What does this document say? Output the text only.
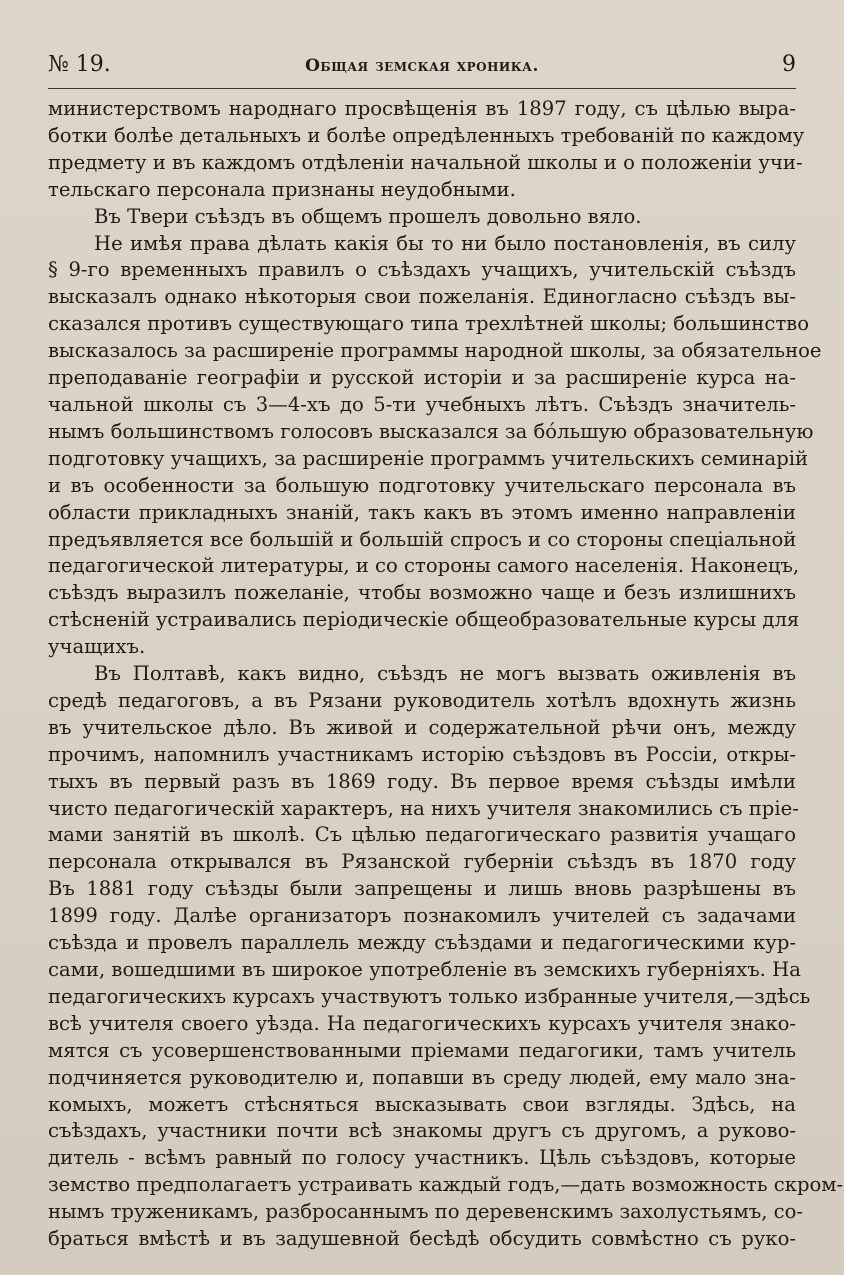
№ 19.	Общая земская хроника.	9
министерствомъ народнаго просвѣщенія въ 1897 году, съ цѣлью выра-
ботки болѣе детальныхъ и болѣе опредѣленныхъ требованій по каждому
предмету и въ каждомъ отдѣленіи начальной школы и о положеніи учи-
тельскаго персонала признаны неудобными.
Въ Твери съѣздъ въ общемъ прошелъ довольно вяло.
Не имѣя права дѣлать какія бы то ни было постановленія, въ силу
§ 9-го временныхъ правилъ о съѣздахъ учащихъ, учительскій съѣздъ
высказалъ однако нѣкоторыя свои пожеланія. Единогласно съѣздъ вы-
сказался противъ существующаго типа трехлѣтней школы; большинство
высказалось за расширеніе программы народной школы, за обязательное
преподаваніе географіи и русской исторіи и за расширеніе курса на-
чальной школы съ 3—4-хъ до 5-ти учебныхъ лѣтъ. Съѣздъ значитель-
нымъ большинствомъ голосовъ высказался за бóльшую образовательную
подготовку учащихъ, за расширеніе программъ учительскихъ семинарій
и въ особенности за большую подготовку учительскаго персонала въ
области прикладныхъ знаній, такъ какъ въ этомъ именно направленіи
предъявляется все большій и большій спросъ и со стороны спеціальной
педагогической литературы, и со стороны самого населенія. Наконецъ,
съѣздъ выразилъ пожеланіе, чтобы возможно чаще и безъ излишнихъ
стѣсненій устраивались періодическіе общеобразовательные курсы для
учащихъ.
Въ Полтавѣ, какъ видно, съѣздъ не могъ вызвать оживленія въ
средѣ педагоговъ, а въ Рязани руководитель хотѣлъ вдохнуть жизнь
въ учительское дѣло. Въ живой и содержательной рѣчи онъ, между
прочимъ, напомнилъ участникамъ исторію съѣздовъ въ Россіи, откры-
тыхъ въ первый разъ въ 1869 году. Въ первое время съѣзды имѣли
чисто педагогическій характеръ, на нихъ учителя знакомились съ пріе-
мами занятій въ школѣ. Съ цѣлью педагогическаго развитія учащаго
персонала открывался въ Рязанской губерніи съѣздъ въ 1870 году
Въ 1881 году съѣзды были запрещены и лишь вновь разрѣшены въ
1899 году. Далѣе организаторъ познакомилъ учителей съ задачами
съѣзда и провелъ параллель между съѣздами и педагогическими кур-
сами, вошедшими въ широкое употребленіе въ земскихъ губерніяхъ. На
педагогическихъ курсахъ участвуютъ только избранные учителя,—здѣсь
всѣ учителя своего уѣзда. На педагогическихъ курсахъ учителя знако-
мятся съ усовершенствованными пріемами педагогики, тамъ учитель
подчиняется руководителю и, попавши въ среду людей, ему мало зна-
комыхъ, можетъ стѣсняться высказывать свои взгляды. Здѣсь, на
съѣздахъ, участники почти всѣ знакомы другъ съ другомъ, а руково-
дитель - всѣмъ равный по голосу участникъ. Цѣль съѣздовъ, которые
земство предполагаетъ устраивать каждый годъ,—дать возможность скром-
нымъ труженикамъ, разбросаннымъ по деревенскимъ захолустьямъ, со-
браться вмѣстѣ и въ задушевной бесѣдѣ обсудить совмѣстно съ руко-
